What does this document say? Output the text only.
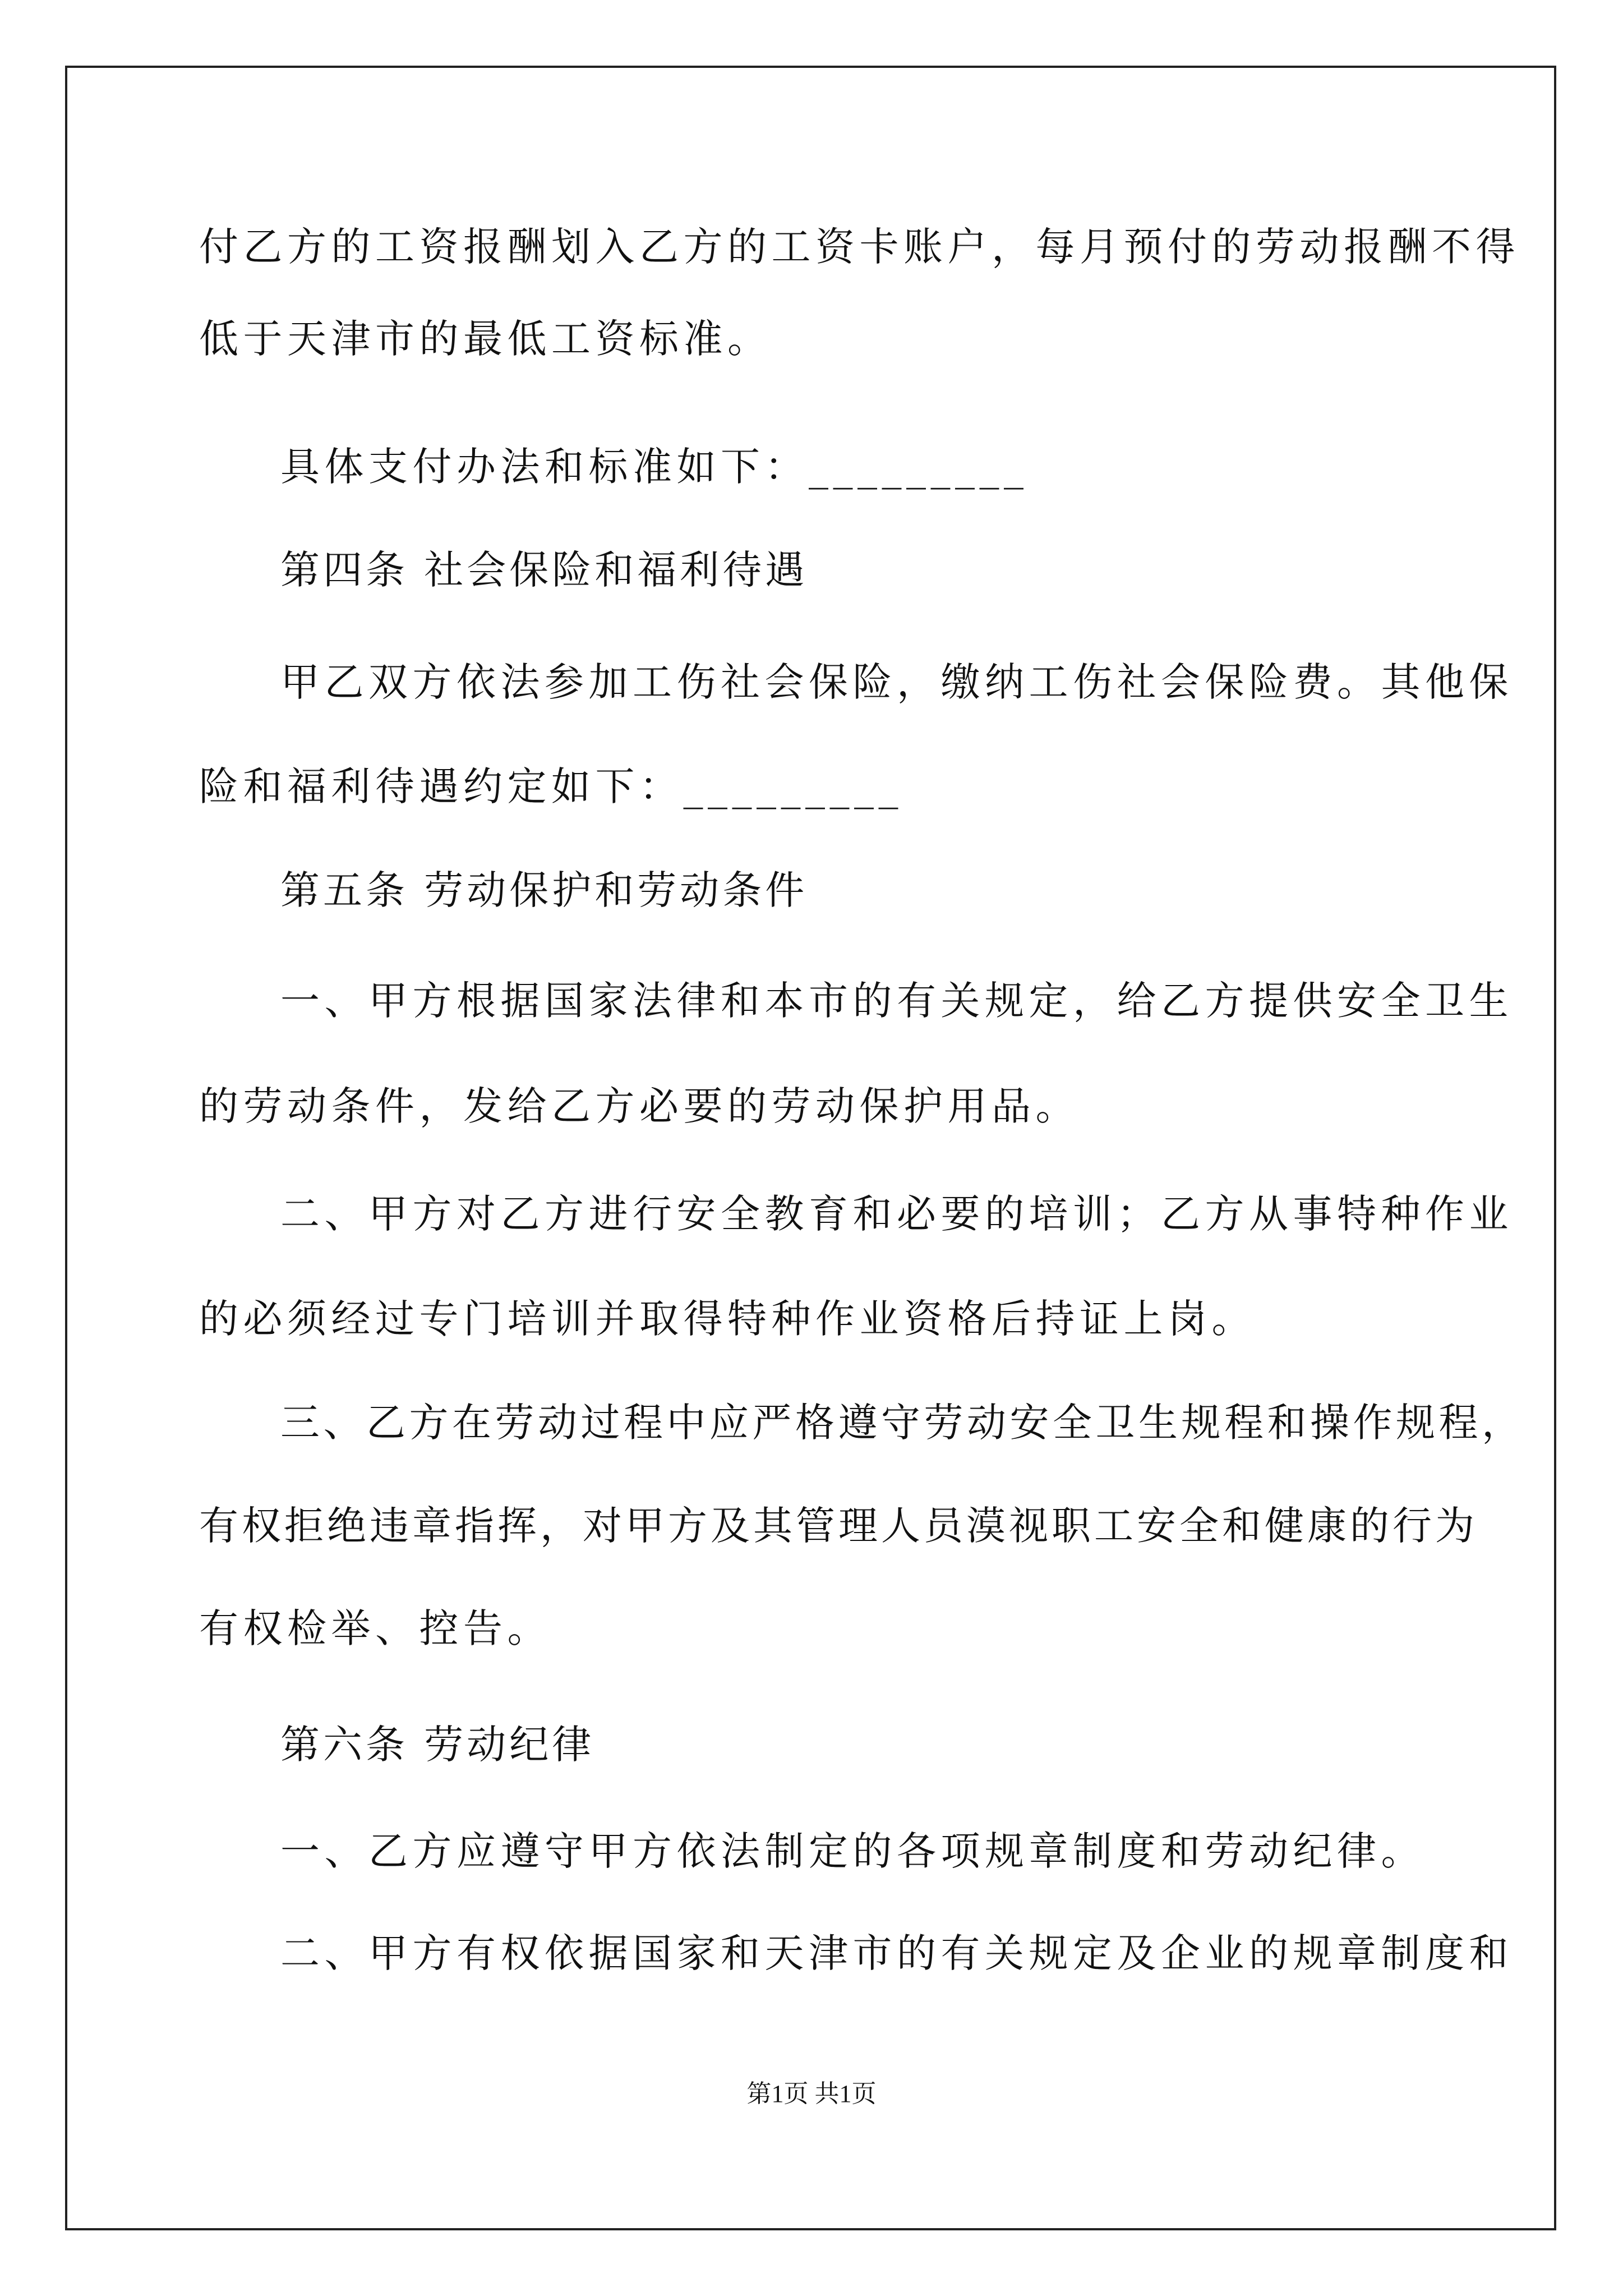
付乙方的工资报酬划入乙方的工资卡账户，每月预付的劳动报酬不得

低于天津市的最低工资标准。

具体支付办法和标准如下：_________

第四条 社会保险和福利待遇

甲乙双方依法参加工伤社会保险，缴纳工伤社会保险费。其他保

险和福利待遇约定如下：_________

第五条 劳动保护和劳动条件

一、甲方根据国家法律和本市的有关规定，给乙方提供安全卫生

的劳动条件，发给乙方必要的劳动保护用品。

二、甲方对乙方进行安全教育和必要的培训；乙方从事特种作业

的必须经过专门培训并取得特种作业资格后持证上岗。

三、乙方在劳动过程中应严格遵守劳动安全卫生规程和操作规程，

有权拒绝违章指挥，对甲方及其管理人员漠视职工安全和健康的行为

有权检举、控告。

第六条 劳动纪律

一、乙方应遵守甲方依法制定的各项规章制度和劳动纪律。

二、甲方有权依据国家和天津市的有关规定及企业的规章制度和

第1页 共1页
